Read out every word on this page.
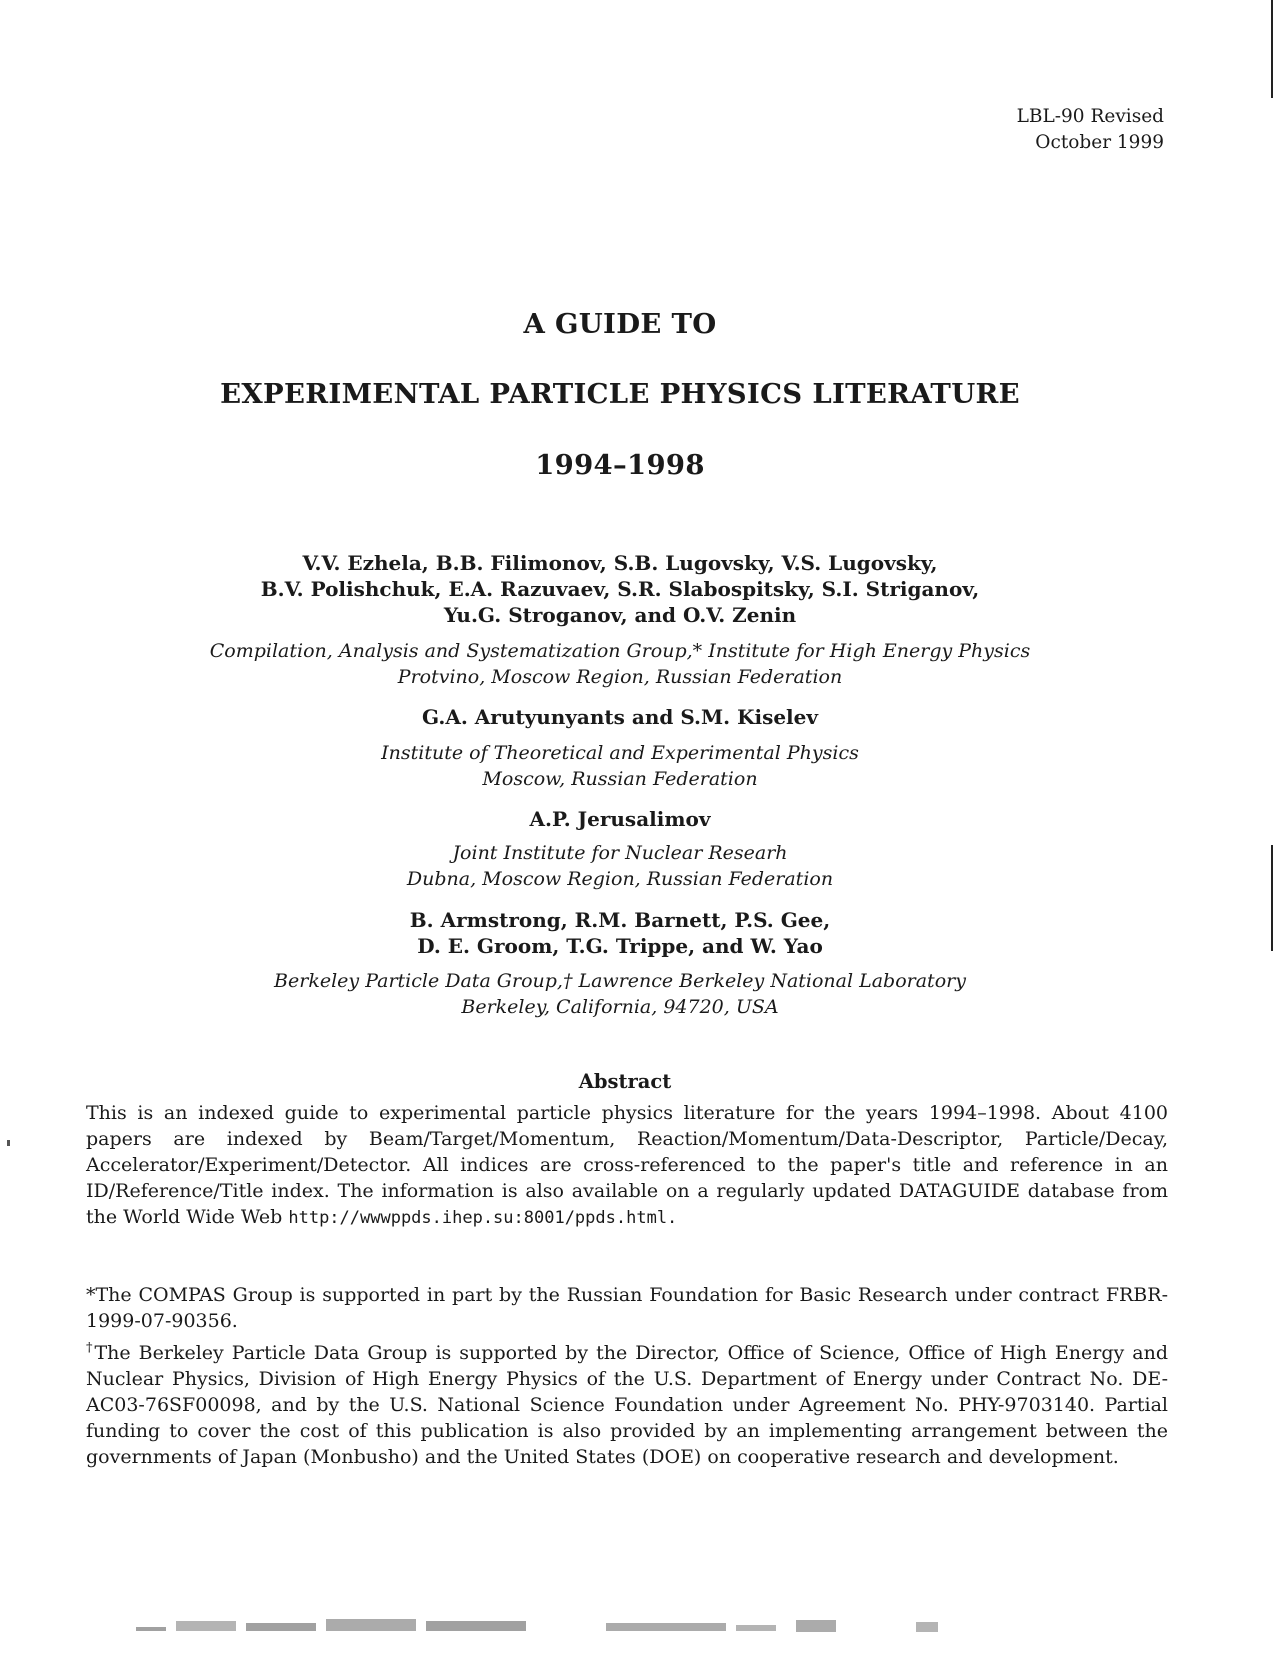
LBL-90 Revised
October 1999
A GUIDE TO
EXPERIMENTAL PARTICLE PHYSICS LITERATURE
1994–1998
V.V. Ezhela, B.B. Filimonov, S.B. Lugovsky, V.S. Lugovsky,
B.V. Polishchuk, E.A. Razuvaev, S.R. Slabospitsky, S.I. Striganov,
Yu.G. Stroganov, and O.V. Zenin
Compilation, Analysis and Systematization Group,* Institute for High Energy Physics
Protvino, Moscow Region, Russian Federation
G.A. Arutyunyants and S.M. Kiselev
Institute of Theoretical and Experimental Physics
Moscow, Russian Federation
A.P. Jerusalimov
Joint Institute for Nuclear Researh
Dubna, Moscow Region, Russian Federation
B. Armstrong, R.M. Barnett, P.S. Gee,
D. E. Groom, T.G. Trippe, and W. Yao
Berkeley Particle Data Group,† Lawrence Berkeley National Laboratory
Berkeley, California, 94720, USA
Abstract
This is an indexed guide to experimental particle physics literature for the years 1994–1998. About 4100 papers are indexed by Beam/Target/Momentum, Reaction/Momentum/Data-Descriptor, Particle/Decay, Accelerator/Experiment/Detector. All indices are cross-referenced to the paper's title and reference in an ID/Reference/Title index. The information is also available on a regularly updated DATAGUIDE database from the World Wide Web http://wwwppds.ihep.su:8001/ppds.html.
*The COMPAS Group is supported in part by the Russian Foundation for Basic Research under contract FRBR-1999-07-90356.
†The Berkeley Particle Data Group is supported by the Director, Office of Science, Office of High Energy and Nuclear Physics, Division of High Energy Physics of the U.S. Department of Energy under Contract No. DE-AC03-76SF00098, and by the U.S. National Science Foundation under Agreement No. PHY-9703140. Partial funding to cover the cost of this publication is also provided by an implementing arrangement between the governments of Japan (Monbusho) and the United States (DOE) on cooperative research and development.
